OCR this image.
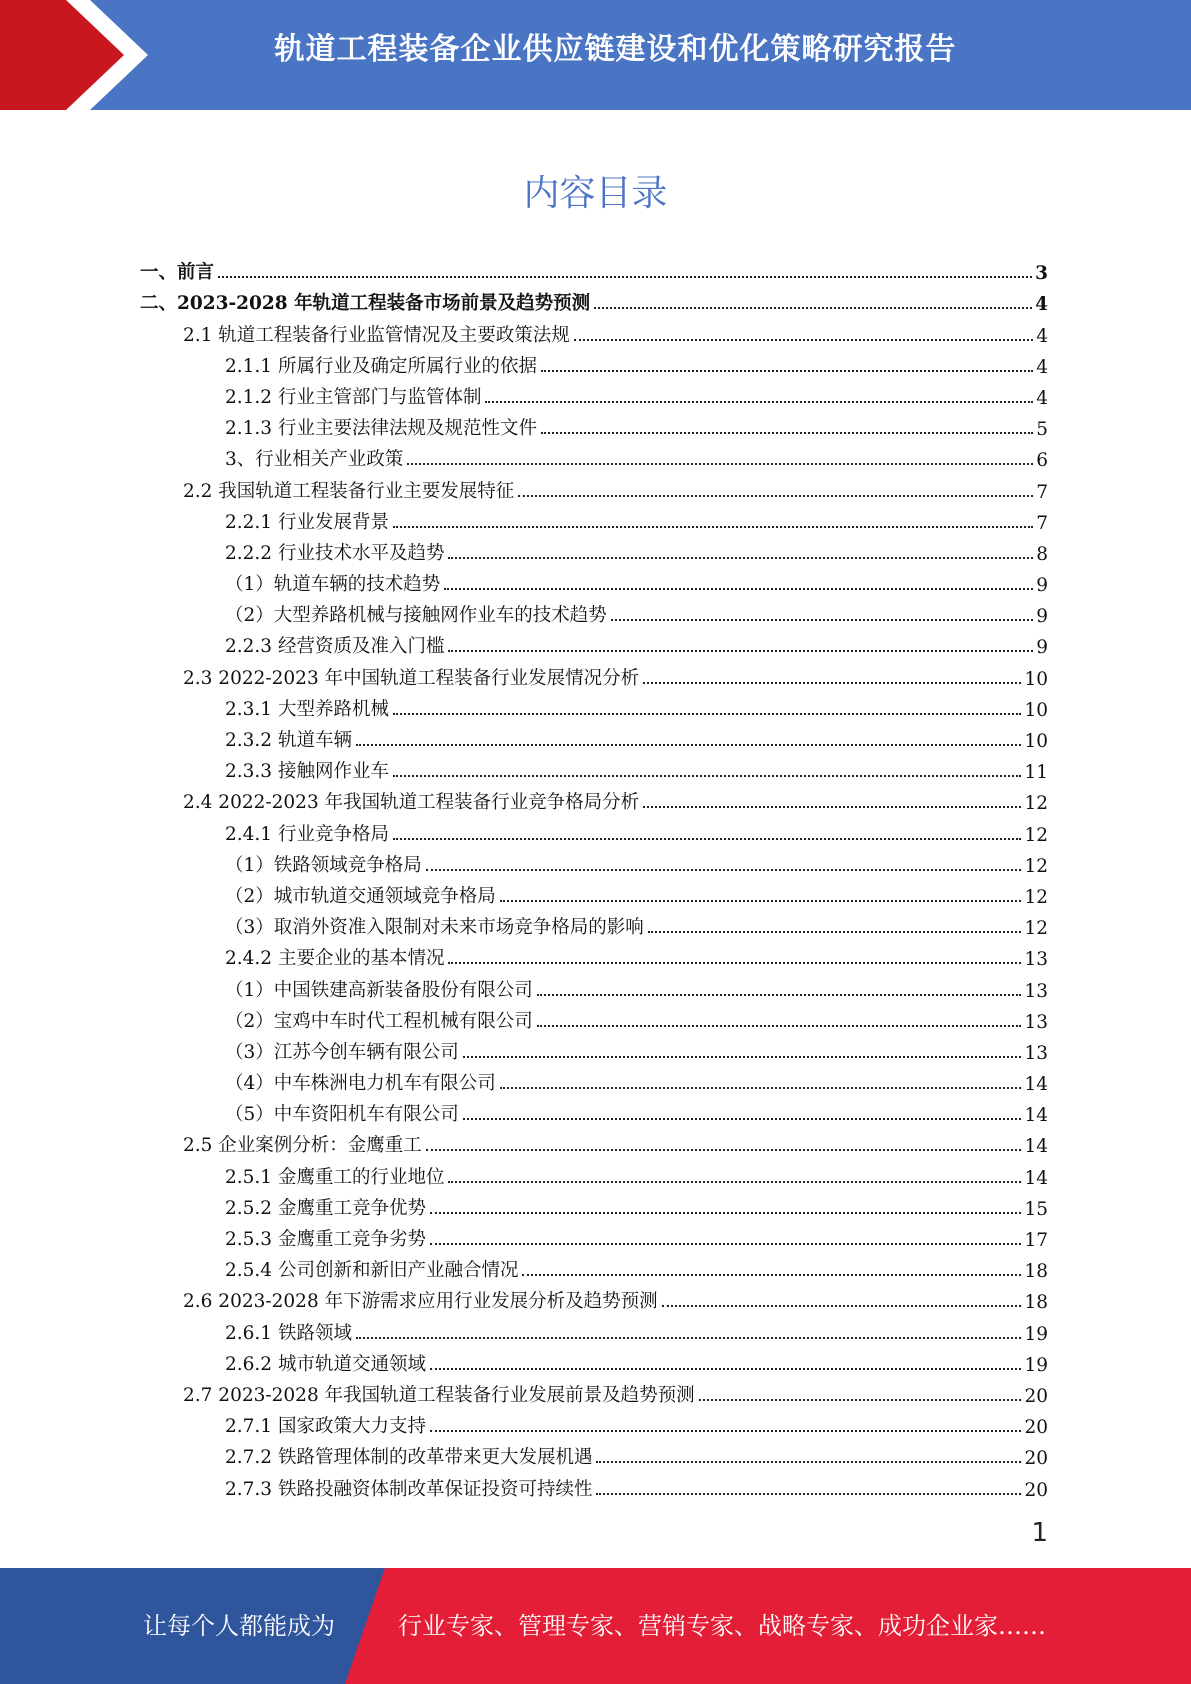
轨道工程装备企业供应链建设和优化策略研究报告
内容目录
一、前言	3
二、2023-2028 年轨道工程装备市场前景及趋势预测	4
2.1 轨道工程装备行业监管情况及主要政策法规	4
2.1.1 所属行业及确定所属行业的依据	4
2.1.2 行业主管部门与监管体制	4
2.1.3 行业主要法律法规及规范性文件	5
3、行业相关产业政策	6
2.2 我国轨道工程装备行业主要发展特征	7
2.2.1 行业发展背景	7
2.2.2 行业技术水平及趋势	8
（1）轨道车辆的技术趋势	9
（2）大型养路机械与接触网作业车的技术趋势	9
2.2.3 经营资质及准入门槛	9
2.3 2022-2023 年中国轨道工程装备行业发展情况分析	10
2.3.1 大型养路机械	10
2.3.2 轨道车辆	10
2.3.3 接触网作业车	11
2.4 2022-2023 年我国轨道工程装备行业竞争格局分析	12
2.4.1 行业竞争格局	12
（1）铁路领域竞争格局	12
（2）城市轨道交通领域竞争格局	12
（3）取消外资准入限制对未来市场竞争格局的影响	12
2.4.2 主要企业的基本情况	13
（1）中国铁建高新装备股份有限公司	13
（2）宝鸡中车时代工程机械有限公司	13
（3）江苏今创车辆有限公司	13
（4）中车株洲电力机车有限公司	14
（5）中车资阳机车有限公司	14
2.5 企业案例分析：金鹰重工	14
2.5.1 金鹰重工的行业地位	14
2.5.2 金鹰重工竞争优势	15
2.5.3 金鹰重工竞争劣势	17
2.5.4 公司创新和新旧产业融合情况	18
2.6 2023-2028 年下游需求应用行业发展分析及趋势预测	18
2.6.1 铁路领域	19
2.6.2 城市轨道交通领域	19
2.7 2023-2028 年我国轨道工程装备行业发展前景及趋势预测	20
2.7.1 国家政策大力支持	20
2.7.2 铁路管理体制的改革带来更大发展机遇	20
2.7.3 铁路投融资体制改革保证投资可持续性	20
1
让每个人都能成为	行业专家、管理专家、营销专家、战略专家、成功企业家……
